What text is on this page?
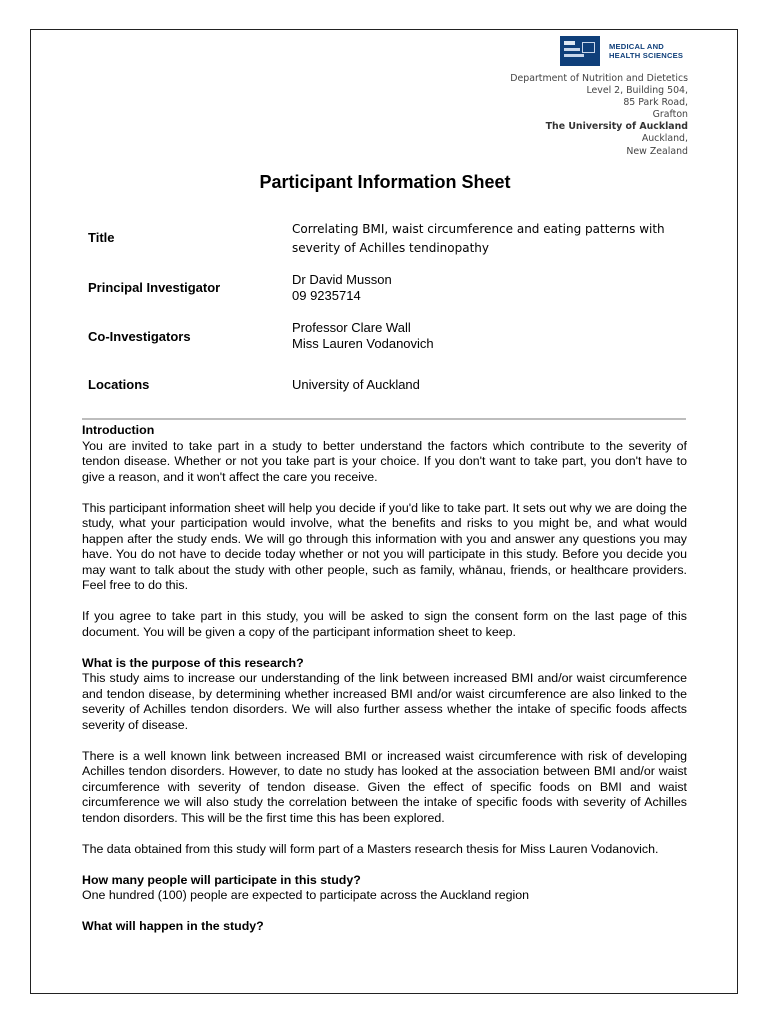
MEDICAL AND
HEALTH SCIENCES
Department of Nutrition and Dietetics
Level 2, Building 504,
85 Park Road,
Grafton
The University of Auckland
Auckland,
New Zealand
Participant Information Sheet
Title
Correlating BMI, waist circumference and eating patterns with
severity of Achilles tendinopathy
Principal Investigator
Dr David Musson
09 9235714
Co-Investigators
Professor Clare Wall
Miss Lauren Vodanovich
Locations	University of Auckland

Introduction
You are invited to take part in a study to better understand the factors which contribute to the severity of tendon disease. Whether or not you take part is your choice. If you don't want to take part, you don't have to give a reason, and it won't affect the care you receive.

This participant information sheet will help you decide if you'd like to take part. It sets out why we are doing the study, what your participation would involve, what the benefits and risks to you might be, and what would happen after the study ends. We will go through this information with you and answer any questions you may have. You do not have to decide today whether or not you will participate in this study. Before you decide you may want to talk about the study with other people, such as family, whānau, friends, or healthcare providers. Feel free to do this.

If you agree to take part in this study, you will be asked to sign the consent form on the last page of this document. You will be given a copy of the participant information sheet to keep.

What is the purpose of this research?
This study aims to increase our understanding of the link between increased BMI and/or waist circumference and tendon disease, by determining whether increased BMI and/or waist circumference are also linked to the severity of Achilles tendon disorders. We will also further assess whether the intake of specific foods affects severity of disease.

There is a well known link between increased BMI or increased waist circumference with risk of developing Achilles tendon disorders. However, to date no study has looked at the association between BMI and/or waist circumference with severity of tendon disease. Given the effect of specific foods on BMI and waist circumference we will also study the correlation between the intake of specific foods with severity of Achilles tendon disorders. This will be the first time this has been explored.

The data obtained from this study will form part of a Masters research thesis for Miss Lauren Vodanovich.

How many people will participate in this study?
One hundred (100) people are expected to participate across the Auckland region

What will happen in the study?
